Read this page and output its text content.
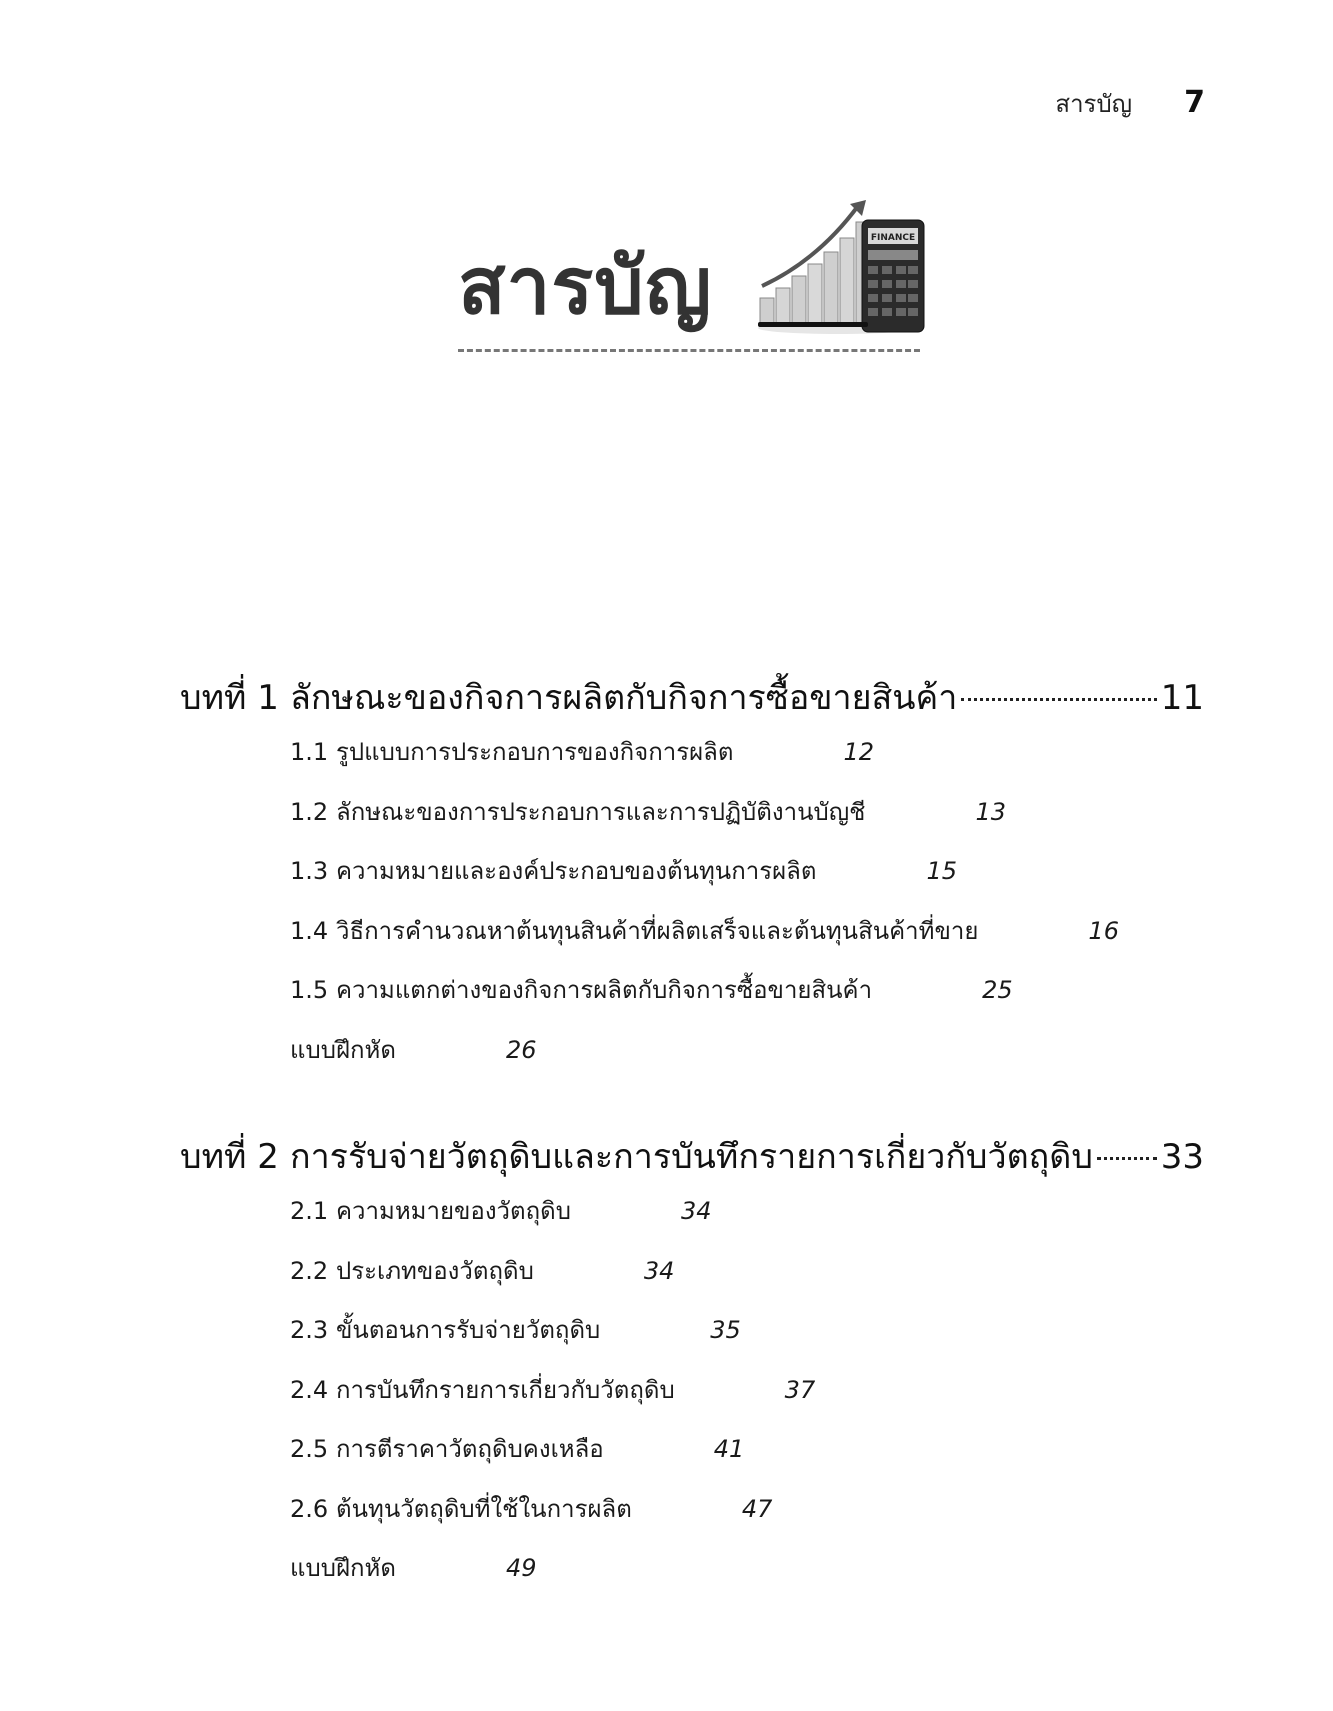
สารบัญ 7
สารบัญ
FINANCE
บทที่ 1 ลักษณะของกิจการผลิตกับกิจการซื้อขายสินค้า	11
1.1 รูปแบบการประกอบการของกิจการผลิต	12
1.2 ลักษณะของการประกอบการและการปฏิบัติงานบัญชี	13
1.3 ความหมายและองค์ประกอบของต้นทุนการผลิต	15
1.4 วิธีการคำนวณหาต้นทุนสินค้าที่ผลิตเสร็จและต้นทุนสินค้าที่ขาย	16
1.5 ความแตกต่างของกิจการผลิตกับกิจการซื้อขายสินค้า	25
แบบฝึกหัด	26
บทที่ 2 การรับจ่ายวัตถุดิบและการบันทึกรายการเกี่ยวกับวัตถุดิบ 33
2.1 ความหมายของวัตถุดิบ	34
2.2 ประเภทของวัตถุดิบ	34
2.3 ขั้นตอนการรับจ่ายวัตถุดิบ	35
2.4 การบันทึกรายการเกี่ยวกับวัตถุดิบ	37
2.5 การตีราคาวัตถุดิบคงเหลือ	41
2.6 ต้นทุนวัตถุดิบที่ใช้ในการผลิต	47
แบบฝึกหัด	49
